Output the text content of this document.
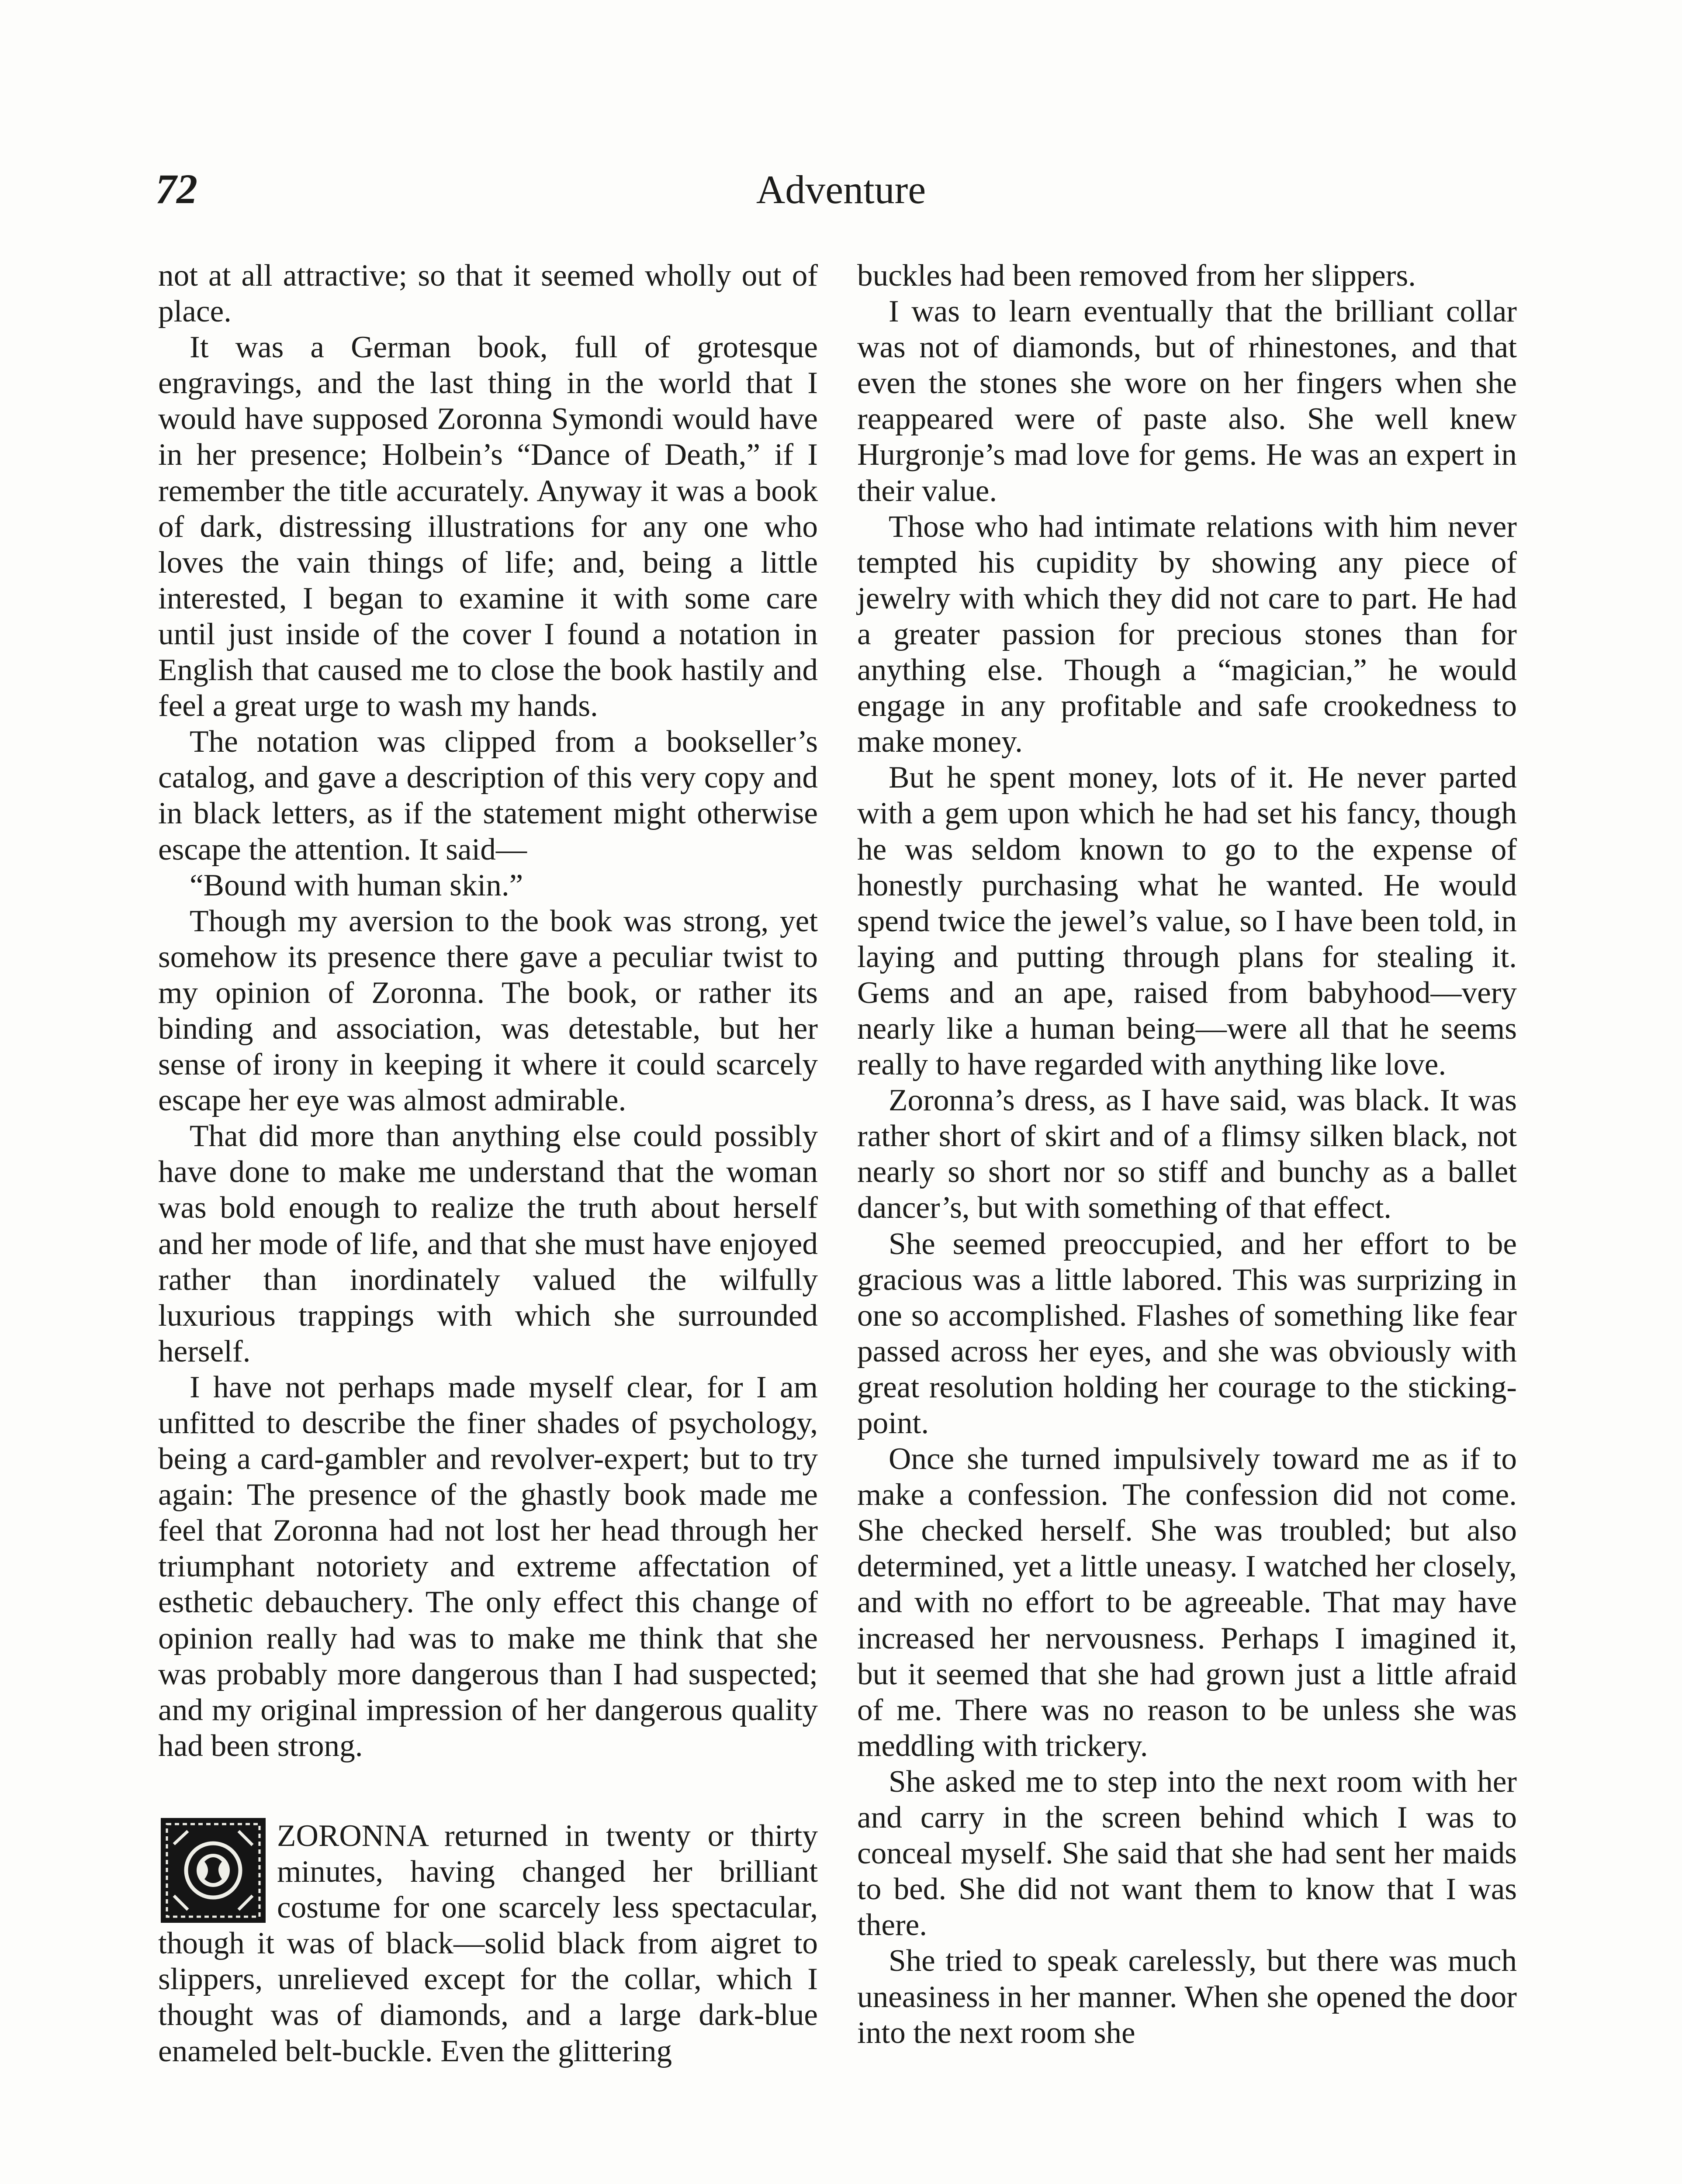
72	Adventure

not at all attractive; so that it seemed wholly out of place.

It was a German book, full of grotesque engravings, and the last thing in the world that I would have supposed Zoronna Symondi would have in her presence; Holbein’s “Dance of Death,” if I remember the title accurately. Anyway it was a book of dark, distressing illustrations for any one who loves the vain things of life; and, being a little interested, I began to examine it with some care until just inside of the cover I found a notation in English that caused me to close the book hastily and feel a great urge to wash my hands.

The notation was clipped from a bookseller’s catalog, and gave a description of this very copy and in black letters, as if the statement might otherwise escape the attention. It said—

“Bound with human skin.”

Though my aversion to the book was strong, yet somehow its presence there gave a peculiar twist to my opinion of Zoronna. The book, or rather its binding and association, was detestable, but her sense of irony in keeping it where it could scarcely escape her eye was almost admirable.

That did more than anything else could possibly have done to make me understand that the woman was bold enough to realize the truth about herself and her mode of life, and that she must have enjoyed rather than inordinately valued the wilfully luxurious trappings with which she surrounded herself.

I have not perhaps made myself clear, for I am unfitted to describe the finer shades of psychology, being a card-gambler and revolver-expert; but to try again: The presence of the ghastly book made me feel that Zoronna had not lost her head through her triumphant notoriety and extreme affectation of esthetic debauchery. The only effect this change of opinion really had was to make me think that she was probably more dangerous than I had suspected; and my original impression of her dangerous quality had been strong.

ZORONNA returned in twenty or thirty minutes, having changed her brilliant costume for one scarcely less spectacular, though it was of black—solid black from aigret to slippers, unrelieved except for the collar, which I thought was of diamonds, and a large dark-blue enameled belt-buckle. Even the glittering

buckles had been removed from her slippers.

I was to learn eventually that the brilliant collar was not of diamonds, but of rhinestones, and that even the stones she wore on her fingers when she reappeared were of paste also. She well knew Hurgronje’s mad love for gems. He was an expert in their value.

Those who had intimate relations with him never tempted his cupidity by showing any piece of jewelry with which they did not care to part. He had a greater passion for precious stones than for anything else. Though a “magician,” he would engage in any profitable and safe crookedness to make money.

But he spent money, lots of it. He never parted with a gem upon which he had set his fancy, though he was seldom known to go to the expense of honestly purchasing what he wanted. He would spend twice the jewel’s value, so I have been told, in laying and putting through plans for stealing it. Gems and an ape, raised from babyhood—very nearly like a human being—were all that he seems really to have regarded with anything like love.

Zoronna’s dress, as I have said, was black. It was rather short of skirt and of a flimsy silken black, not nearly so short nor so stiff and bunchy as a ballet dancer’s, but with something of that effect.

She seemed preoccupied, and her effort to be gracious was a little labored. This was surprizing in one so accomplished. Flashes of something like fear passed across her eyes, and she was obviously with great resolution holding her courage to the sticking-point.

Once she turned impulsively toward me as if to make a confession. The confession did not come. She checked herself. She was troubled; but also determined, yet a little uneasy. I watched her closely, and with no effort to be agreeable. That may have increased her nervousness. Perhaps I imagined it, but it seemed that she had grown just a little afraid of me. There was no reason to be unless she was meddling with trickery.

She asked me to step into the next room with her and carry in the screen behind which I was to conceal myself. She said that she had sent her maids to bed. She did not want them to know that I was there.

She tried to speak carelessly, but there was much uneasiness in her manner. When she opened the door into the next room she
